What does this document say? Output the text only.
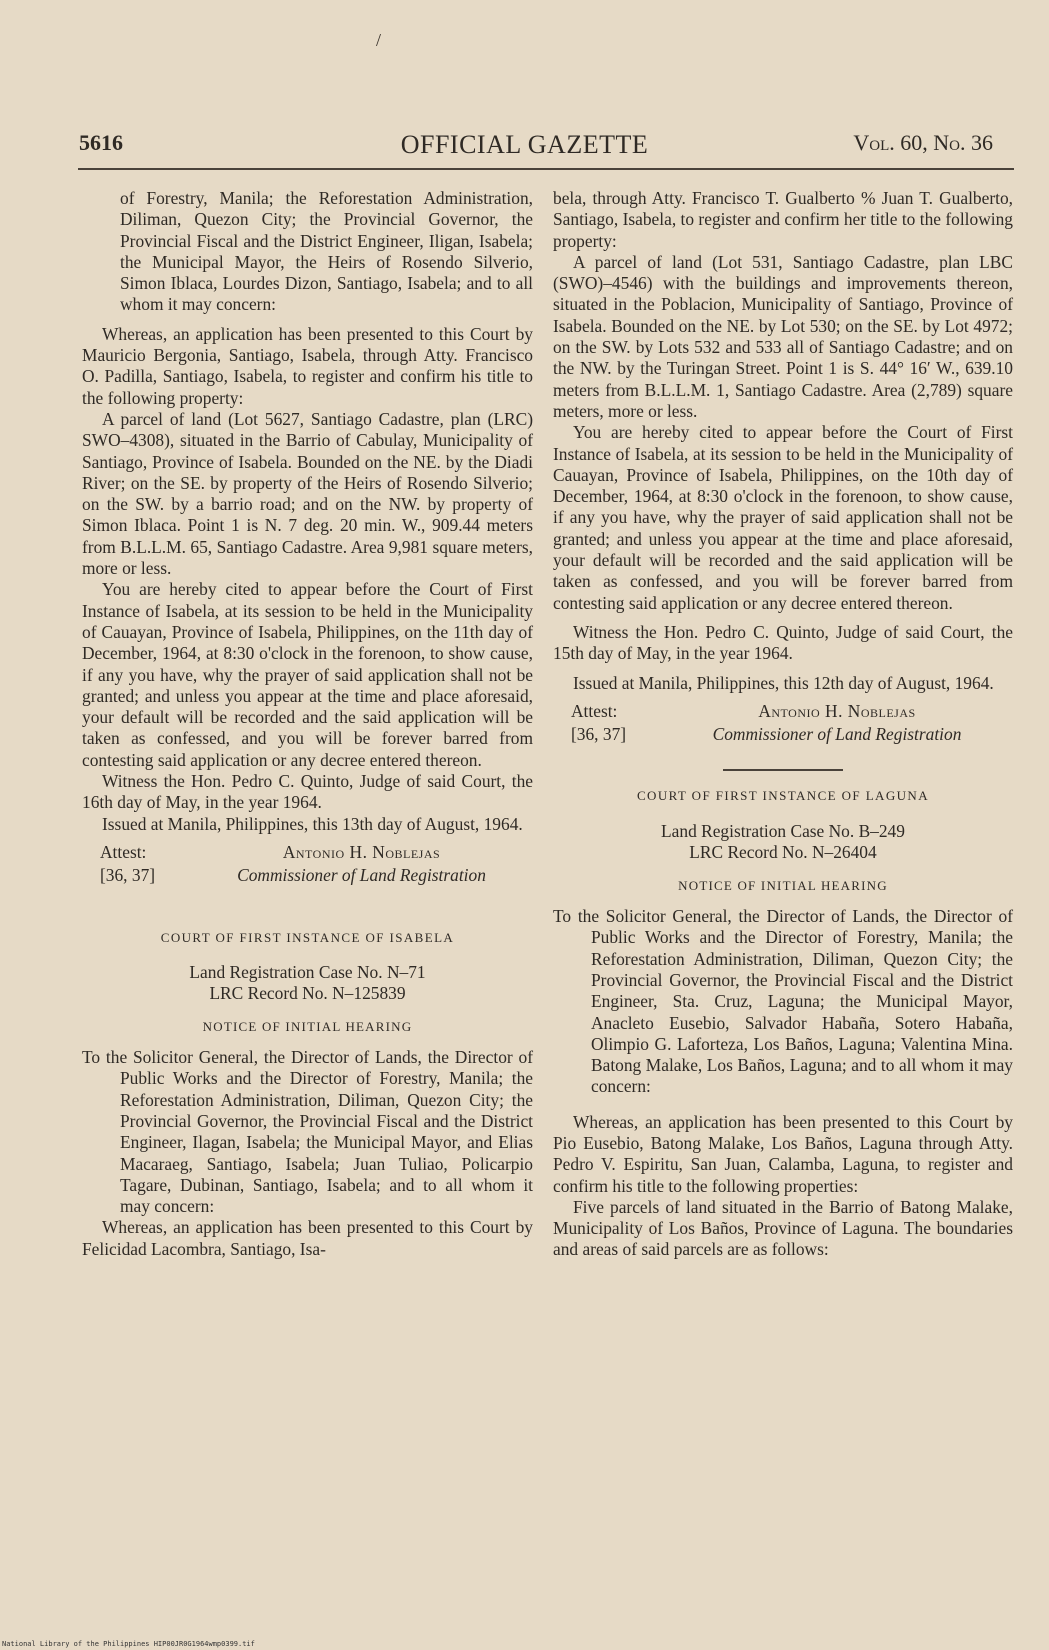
/
5616	OFFICIAL GAZETTE	Vol. 60, No. 36

of Forestry, Manila; the Reforestation Administration, Diliman, Quezon City; the Provincial Governor, the Provincial Fiscal and the District Engineer, Iligan, Isabela; the Municipal Mayor, the Heirs of Rosendo Silverio, Simon Iblaca, Lourdes Dizon, Santiago, Isabela; and to all whom it may concern:

Whereas, an application has been presented to this Court by Mauricio Bergonia, Santiago, Isabela, through Atty. Francisco O. Padilla, Santiago, Isabela, to register and confirm his title to the following property:

A parcel of land (Lot 5627, Santiago Cadastre, plan (LRC) SWO–4308), situated in the Barrio of Cabulay, Municipality of Santiago, Province of Isabela. Bounded on the NE. by the Diadi River; on the SE. by property of the Heirs of Rosendo Silverio; on the SW. by a barrio road; and on the NW. by property of Simon Iblaca. Point 1 is N. 7 deg. 20 min. W., 909.44 meters from B.L.L.M. 65, Santiago Cadastre. Area 9,981 square meters, more or less.

You are hereby cited to appear before the Court of First Instance of Isabela, at its session to be held in the Municipality of Cauayan, Province of Isabela, Philippines, on the 11th day of December, 1964, at 8:30 o'clock in the forenoon, to show cause, if any you have, why the prayer of said application shall not be granted; and unless you appear at the time and place aforesaid, your default will be recorded and the said application will be taken as confessed, and you will be forever barred from contesting said application or any decree entered thereon.

Witness the Hon. Pedro C. Quinto, Judge of said Court, the 16th day of May, in the year 1964.

Issued at Manila, Philippines, this 13th day of August, 1964.

Attest:	Antonio H. Noblejas
[36, 37]	Commissioner of Land Registration
COURT OF FIRST INSTANCE OF ISABELA
Land Registration Case No. N–71
LRC Record No. N–125839
NOTICE OF INITIAL HEARING

To the Solicitor General, the Director of Lands, the Director of Public Works and the Director of Forestry, Manila; the Reforestation Administration, Diliman, Quezon City; the Provincial Governor, the Provincial Fiscal and the District Engineer, Ilagan, Isabela; the Municipal Mayor, and Elias Macaraeg, Santiago, Isabela; Juan Tuliao, Policarpio Tagare, Dubinan, Santiago, Isabela; and to all whom it may concern:

Whereas, an application has been presented to this Court by Felicidad Lacombra, Santiago, Isa-

bela, through Atty. Francisco T. Gualberto % Juan T. Gualberto, Santiago, Isabela, to register and confirm her title to the following property:

A parcel of land (Lot 531, Santiago Cadastre, plan LBC (SWO)–4546) with the buildings and improvements thereon, situated in the Poblacion, Municipality of Santiago, Province of Isabela. Bounded on the NE. by Lot 530; on the SE. by Lot 4972; on the SW. by Lots 532 and 533 all of Santiago Cadastre; and on the NW. by the Turingan Street. Point 1 is S. 44° 16′ W., 639.10 meters from B.L.L.M. 1, Santiago Cadastre. Area (2,789) square meters, more or less.

You are hereby cited to appear before the Court of First Instance of Isabela, at its session to be held in the Municipality of Cauayan, Province of Isabela, Philippines, on the 10th day of December, 1964, at 8:30 o'clock in the forenoon, to show cause, if any you have, why the prayer of said application shall not be granted; and unless you appear at the time and place aforesaid, your default will be recorded and the said application will be taken as confessed, and you will be forever barred from contesting said application or any decree entered thereon.

Witness the Hon. Pedro C. Quinto, Judge of said Court, the 15th day of May, in the year 1964.

Issued at Manila, Philippines, this 12th day of August, 1964.

Attest:	Antonio H. Noblejas
[36, 37]	Commissioner of Land Registration
COURT OF FIRST INSTANCE OF LAGUNA
Land Registration Case No. B–249
LRC Record No. N–26404
NOTICE OF INITIAL HEARING

To the Solicitor General, the Director of Lands, the Director of Public Works and the Director of Forestry, Manila; the Reforestation Administration, Diliman, Quezon City; the Provincial Governor, the Provincial Fiscal and the District Engineer, Sta. Cruz, Laguna; the Municipal Mayor, Anacleto Eusebio, Salvador Habaña, Sotero Habaña, Olimpio G. Laforteza, Los Baños, Laguna; Valentina Mina. Batong Malake, Los Baños, Laguna; and to all whom it may concern:

Whereas, an application has been presented to this Court by Pio Eusebio, Batong Malake, Los Baños, Laguna through Atty. Pedro V. Espiritu, San Juan, Calamba, Laguna, to register and confirm his title to the following properties:

Five parcels of land situated in the Barrio of Batong Malake, Municipality of Los Baños, Province of Laguna. The boundaries and areas of said parcels are as follows:

National Library of the Philippines HIP00JR0G1964wmp0399.tif
